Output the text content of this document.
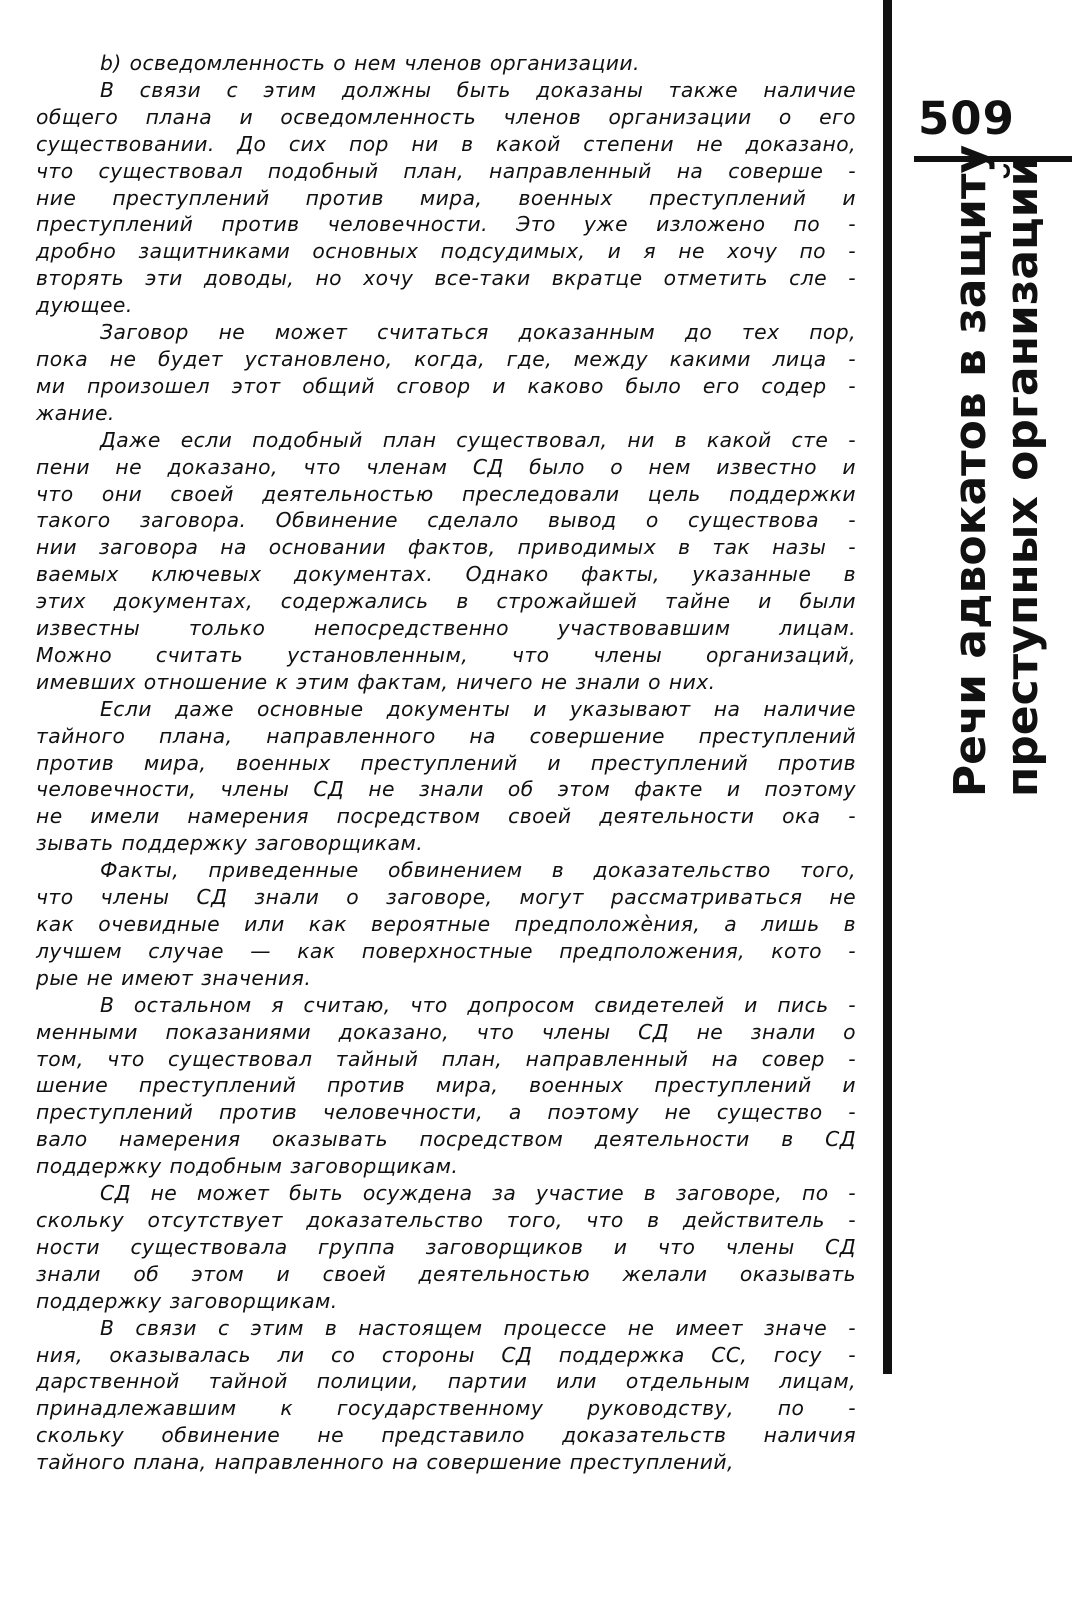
509
Речи адвокатов в защиту преступных организаций
b) осведомленность о нем членов организации.
В связи с этим должны быть доказаны также наличие
общего плана и осведомленность членов организации о его
существовании. До сих пор ни в какой степени не доказано,
что существовал подобный план, направленный на соверше -
ние преступлений против мира, военных преступлений и
преступлений против человечности. Это уже изложено по -
дробно защитниками основных подсудимых, и я не хочу по -
вторять эти доводы, но хочу все-таки вкратце отметить сле -
дующее.
Заговор не может считаться доказанным до тех пор,
пока не будет установлено, когда, где, между какими лица -
ми произошел этот общий сговор и каково было его содер -
жание.
Даже если подобный план существовал, ни в какой сте -
пени не доказано, что членам СД было о нем известно и
что они своей деятельностью преследовали цель поддержки
такого заговора. Обвинение сделало вывод о существова -
нии заговора на основании фактов, приводимых в так назы -
ваемых ключевых документах. Однако факты, указанные в
этих документах, содержались в строжайшей тайне и были
известны только непосредственно участвовавшим лицам.
Можно считать установленным, что члены организаций,
имевших отношение к этим фактам, ничего не знали о них.
Если даже основные документы и указывают на наличие
тайного плана, направленного на совершение преступлений
против мира, военных преступлений и преступлений против
человечности, члены СД не знали об этом факте и поэтому
не имели намерения посредством своей деятельности ока -
зывать поддержку заговорщикам.
Факты, приведенные обвинением в доказательство того,
что члены СД знали о заговоре, могут рассматриваться не
как очевидные или как вероятные предположѐния, а лишь в
лучшем случае — как поверхностные предположения, кото -
рые не имеют значения.
В остальном я считаю, что допросом свидетелей и пись -
менными показаниями доказано, что члены СД не знали о
том, что существовал тайный план, направленный на совер -
шение преступлений против мира, военных преступлений и
преступлений против человечности, а поэтому не существо -
вало намерения оказывать посредством деятельности в СД
поддержку подобным заговорщикам.
СД не может быть осуждена за участие в заговоре, по -
скольку отсутствует доказательство того, что в действитель -
ности существовала группа заговорщиков и что члены СД
знали об этом и своей деятельностью желали оказывать
поддержку заговорщикам.
В связи с этим в настоящем процессе не имеет значе -
ния, оказывалась ли со стороны СД поддержка СС, госу -
дарственной тайной полиции, партии или отдельным лицам,
принадлежавшим к государственному руководству, по -
скольку обвинение не представило доказательств наличия
тайного плана, направленного на совершение преступлений,
